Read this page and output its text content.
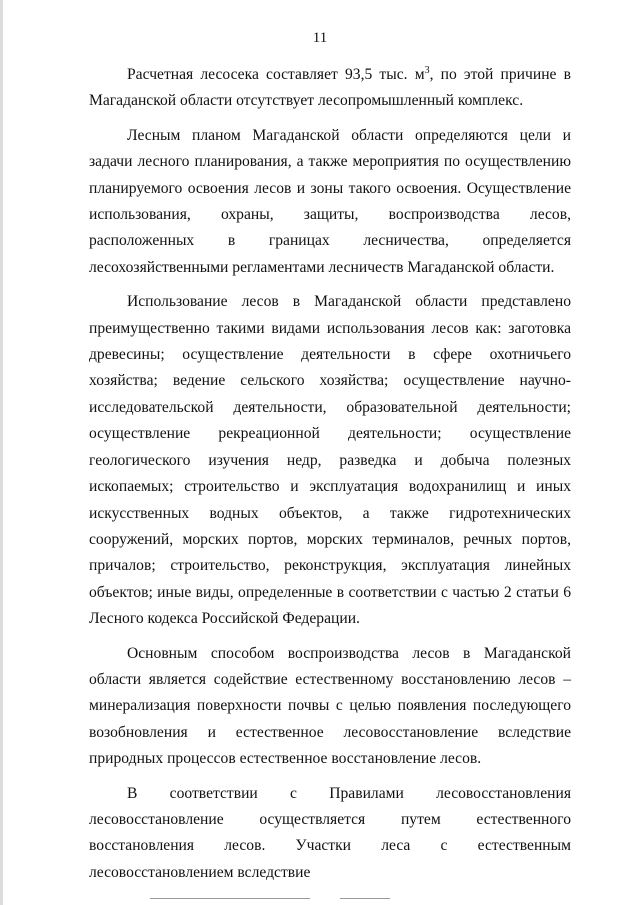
11

Расчетная лесосека составляет 93,5 тыс. $м^3$, по этой причине в Магаданской области отсутствует лесопромышленный комплекс.

Лесным планом Магаданской области определяются цели и задачи лесного планирования, а также мероприятия по осуществлению планируемого освоения лесов и зоны такого освоения. Осуществление использования, охраны, защиты, воспроизводства лесов, расположенных в границах лесничества, определяется лесохозяйственными регламентами лесничеств Магаданской области.

Использование лесов в Магаданской области представлено преимущественно такими видами использования лесов как: заготовка древесины; осуществление деятельности в сфере охотничьего хозяйства; ведение сельского хозяйства; осуществление научно-исследовательской деятельности, образовательной деятельности; осуществление рекреационной деятельности; осуществление геологического изучения недр, разведка и добыча полезных ископаемых; строительство и эксплуатация водохранилищ и иных искусственных водных объектов, а также гидротехнических сооружений, морских портов, морских терминалов, речных портов, причалов; строительство, реконструкция, эксплуатация линейных объектов; иные виды, определенные в соответствии с частью 2 статьи 6 Лесного кодекса Российской Федерации.

Основным способом воспроизводства лесов в Магаданской области является содействие естественному восстановлению лесов – минерализация поверхности почвы с целью появления последующего возобновления и естественное лесовосстановление вследствие природных процессов естественное восстановление лесов.

В соответствии с Правилами лесовосстановления лесовосстановление осуществляется путем естественного восстановления лесов. Участки леса с естественным лесовосстановлением вследствие
